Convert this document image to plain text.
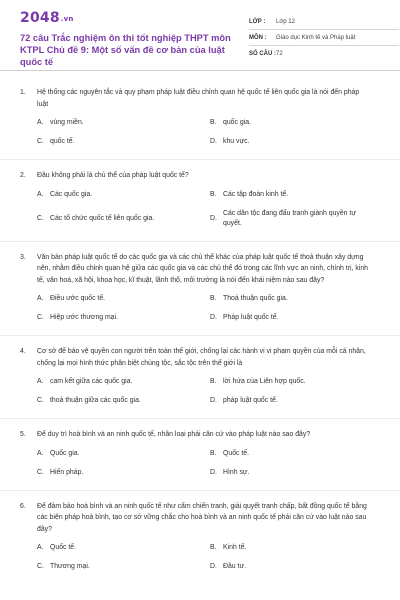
2048.vn
72 câu Trắc nghiệm ôn thi tốt nghiệp THPT môn KTPL Chủ đề 9: Một số vấn đề cơ bản của luật quốc tế
LỚP :	Lớp 12
MÔN :	Giáo dục Kinh tế và Pháp luật
SỐ CÂU : 72
1.	Hệ thống các nguyên tắc và quy phạm pháp luật điều chỉnh quan hệ quốc tế liên quốc gia là nói đến pháp luật
A. vùng miền.	B. quốc gia.
C. quốc tế.	D. khu vực.
2.	Đâu không phải là chủ thể của pháp luật quốc tế?
A. Các quốc gia.	B. Các tập đoàn kinh tế.
C. Các tổ chức quốc tế liên quốc gia.	D.
Các dân tộc đang đấu tranh giành quyền tự quyết.
3.	Văn bản pháp luật quốc tế do các quốc gia và các chủ thể khác của pháp luật quốc tế thoả thuận xây dựng nên, nhằm điều chỉnh quan hệ giữa các quốc gia và các chủ thể đó trong các lĩnh vực an ninh, chính trị, kinh tế, văn hoá, xã hội, khoa học, kĩ thuật, lãnh thổ, môi trường là nói đến khái niệm nào sau đây?
A. Điều ước quốc tế.	B. Thoả thuận quốc gia.
C. Hiệp ước thương mại.	D. Pháp luật quốc tế.
4.	Cơ sở để bảo vệ quyền con người trên toàn thế giới, chống lại các hành vi vi phạm quyền của mỗi cá nhân, chống lại mọi hình thức phân biệt chủng tộc, sắc tộc trên thế giới là
A. cam kết giữa các quốc gia.	B. lời hứa của Liên hợp quốc.
C. thoả thuận giữa các quốc gia.	D. pháp luật quốc tế.
5.	Để duy trì hoà bình và an ninh quốc tế, nhân loại phải căn cứ vào pháp luật nào sao đây?
A. Quốc gia.	B. Quốc tế.
C. Hiến pháp.	D. Hình sự.
6.	Để đảm bảo hoà bình và an ninh quốc tế như cấm chiến tranh, giải quyết tranh chấp, bất đồng quốc tế bằng các biện pháp hoà bình, tạo cơ sở vững chắc cho hoà bình và an ninh quốc tế phải căn cứ vào luật nào sau đây?
A. Quốc tế.	B. Kinh tế.
C. Thương mại.	D. Đầu tư.
